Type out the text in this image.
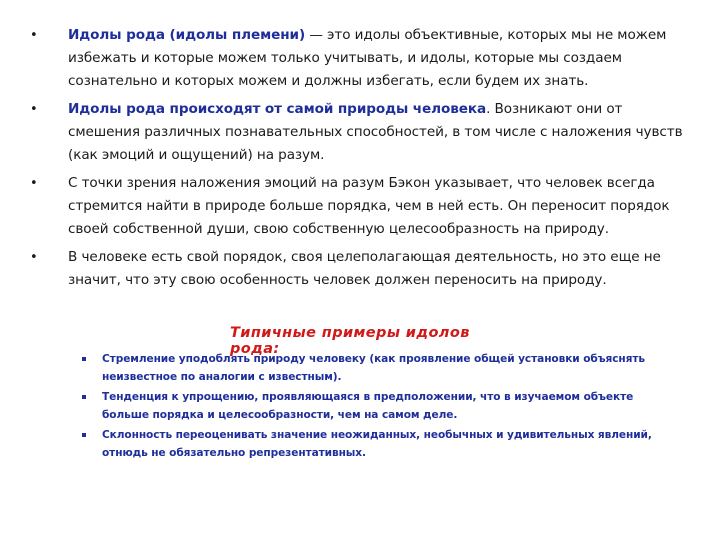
• Идолы рода (идолы племени) — это идолы объективные, которых мы не можем избежать и которые можем только учитывать, и идолы, которые мы создаем сознательно и которых можем и должны избегать, если будем их знать.
• Идолы рода происходят от самой природы человека. Возникают они от смешения различных познавательных способностей, в том числе с наложения чувств (как эмоций и ощущений) на разум.
• С точки зрения наложения эмоций на разум Бэкон указывает, что человек всегда стремится найти в природе больше порядка, чем в ней есть. Он переносит порядок своей собственной души, свою собственную целесообразность на природу.
• В человеке есть свой порядок, своя целеполагающая деятельность, но это еще не значит, что эту свою особенность человек должен переносить на природу.
Типичные примеры идолов рода:
Стремление уподоблять природу человеку (как проявление общей установки объяснять неизвестное по аналогии с известным).
Тенденция к упрощению, проявляющаяся в предположении, что в изучаемом объекте больше порядка и целесообразности, чем на самом деле.
Склонность переоценивать значение неожиданных, необычных и удивительных явлений, отнюдь не обязательно репрезентативных.
